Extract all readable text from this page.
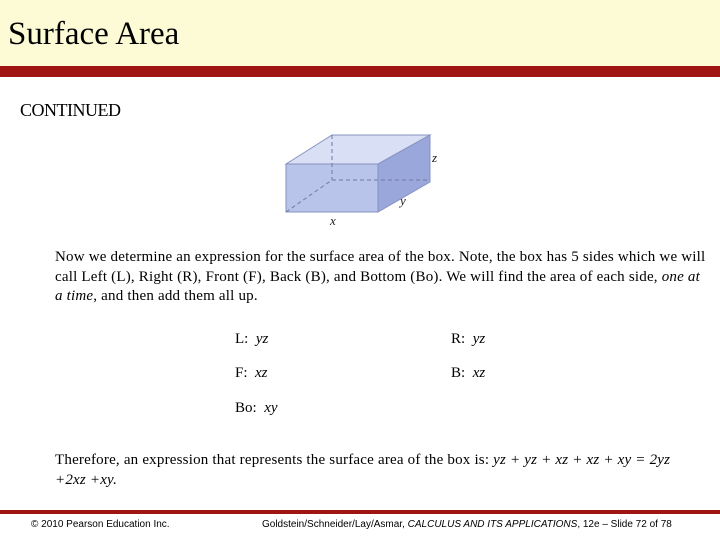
Surface Area
CONTINUED
x
y
z
Now we determine an expression for the surface area of the box. Note, the box has 5 sides which we will call Left (L), Right (R), Front (F), Back (B), and Bottom (Bo). We will find the area of each side, one at a time, and then add them all up.
L: yz	R: yz
F: xz	B: xz
Bo: xy
Therefore, an expression that represents the surface area of the box is: yz + yz + xz + xz + xy = 2yz +2xz +xy.
© 2010 Pearson Education Inc.	Goldstein/Schneider/Lay/Asmar, CALCULUS AND ITS APPLICATIONS, 12e – Slide 72 of 78
